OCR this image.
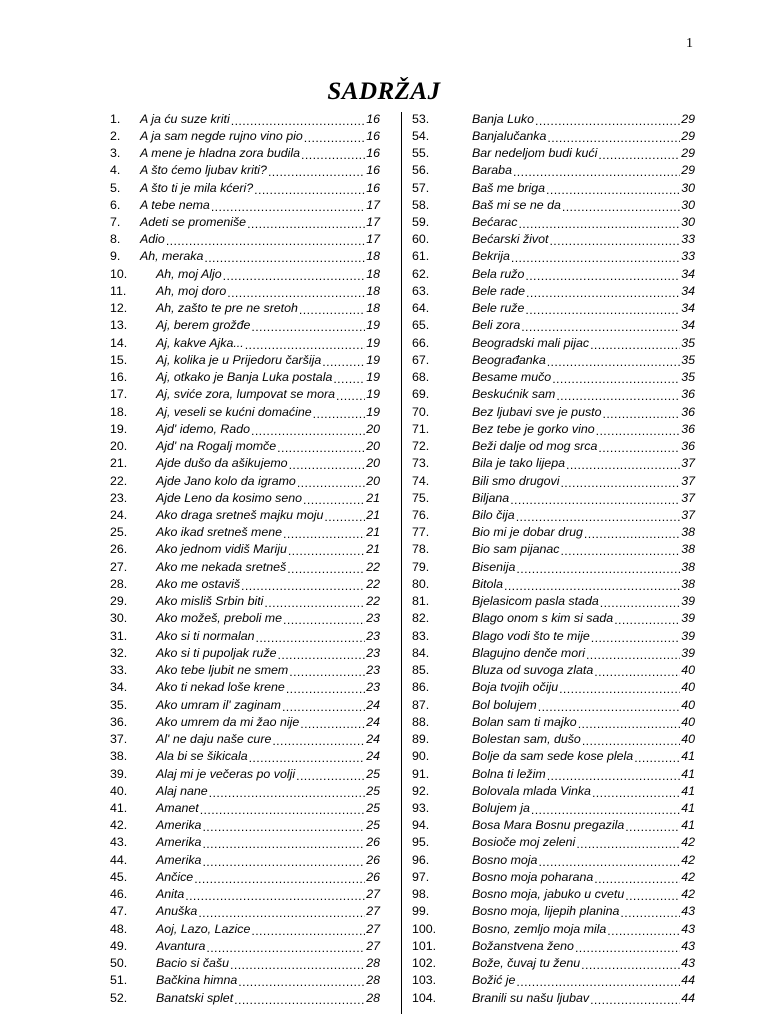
1
SADRŽAJ
1.	A ja ću suze kriti .....	16
2.	A ja sam negde rujno vino pio .....	16
3.	A mene je hladna zora budila .....	16
4.	A što ćemo ljubav kriti? .....	16
5.	A što ti je mila kćeri? .....	16
6.	A tebe nema .....	17
7.	Adeti se promeniše .....	17
8.	Adio .....	17
9.	Ah, meraka .....	18
10.	Ah, moj Aljo .....	18
11.	Ah, moj doro .....	18
12.	Ah, zašto te pre ne sretoh .....	18
13.	Aj, berem grožđe .....	19
14.	Aj, kakve Ajka... .....	19
15.	Aj, kolika je u Prijedoru čaršija .....	19
16.	Aj, otkako je Banja Luka postala .....	19
17.	Aj, sviće zora, lumpovat se mora .....	19
18.	Aj, veseli se kućni domaćine .....	19
19.	Ajd' idemo, Rado .....	20
20.	Ajd' na Rogalj momče .....	20
21.	Ajde dušo da ašikujemo .....	20
22.	Ajde Jano kolo da igramo .....	20
23.	Ajde Leno da kosimo seno .....	21
24.	Ako draga sretneš majku moju .....	21
25.	Ako ikad sretneš mene .....	21
26.	Ako jednom vidiš Mariju .....	21
27.	Ako me nekada sretneš .....	22
28.	Ako me ostaviš .....	22
29.	Ako misliš Srbin biti .....	22
30.	Ako možeš, preboli me .....	23
31.	Ako si ti normalan .....	23
32.	Ako si ti pupoljak ruže .....	23
33.	Ako tebe ljubit ne smem .....	23
34.	Ako ti nekad loše krene .....	23
35.	Ako umram il' zaginam .....	24
36.	Ako umrem da mi žao nije .....	24
37.	Al' ne daju naše cure .....	24
38.	Ala bi se šikicala .....	24
39.	Alaj mi je večeras po volji .....	25
40.	Alaj nane .....	25
41.	Amanet .....	25
42.	Amerika .....	25
43.	Amerika .....	26
44.	Amerika .....	26
45.	Ančice .....	26
46.	Anita .....	27
47.	Anuška .....	27
48.	Aoj, Lazo, Lazice .....	27
49.	Avantura .....	27
50.	Bacio si čašu .....	28
51.	Bačkina himna .....	28
52.	Banatski splet .....	28
53.	Banja Luko .....	29
54.	Banjalučanka .....	29
55.	Bar nedeljom budi kući .....	29
56.	Baraba .....	29
57.	Baš me briga .....	30
58.	Baš mi se ne da .....	30
59.	Bećarac .....	30
60.	Bećarski život .....	33
61.	Bekrija .....	33
62.	Bela ružo .....	34
63.	Bele rade .....	34
64.	Bele ruže .....	34
65.	Beli zora .....	34
66.	Beogradski mali pijac .....	35
67.	Beograđanka .....	35
68.	Besame mučo .....	35
69.	Beskućnik sam .....	36
70.	Bez ljubavi sve je pusto .....	36
71.	Bez tebe je gorko vino .....	36
72.	Beži dalje od mog srca .....	36
73.	Bila je tako lijepa .....	37
74.	Bili smo drugovi .....	37
75.	Biljana .....	37
76.	Bilo čija .....	37
77.	Bio mi je dobar drug .....	38
78.	Bio sam pijanac .....	38
79.	Bisenija .....	38
80.	Bitola .....	38
81.	Bjelasicom pasla stada .....	39
82.	Blago onom s kim si sada .....	39
83.	Blago vodi što te mije .....	39
84.	Blagujno denče mori .....	39
85.	Bluza od suvoga zlata .....	40
86.	Boja tvojih očiju .....	40
87.	Bol bolujem .....	40
88.	Bolan sam ti majko .....	40
89.	Bolestan sam, dušo .....	40
90.	Bolje da sam sede kose plela .....	41
91.	Bolna ti ležim .....	41
92.	Bolovala mlada Vinka .....	41
93.	Bolujem ja .....	41
94.	Bosa Mara Bosnu pregazila .....	41
95.	Bosioče moj zeleni .....	42
96.	Bosno moja .....	42
97.	Bosno moja poharana .....	42
98.	Bosno moja, jabuko u cvetu .....	42
99.	Bosno moja, lijepih planina .....	43
100.	Bosno, zemljo moja mila .....	43
101.	Božanstvena ženo .....	43
102.	Bože, čuvaj tu ženu .....	43
103.	Božić je .....	44
104.	Branili su našu ljubav .....	44
